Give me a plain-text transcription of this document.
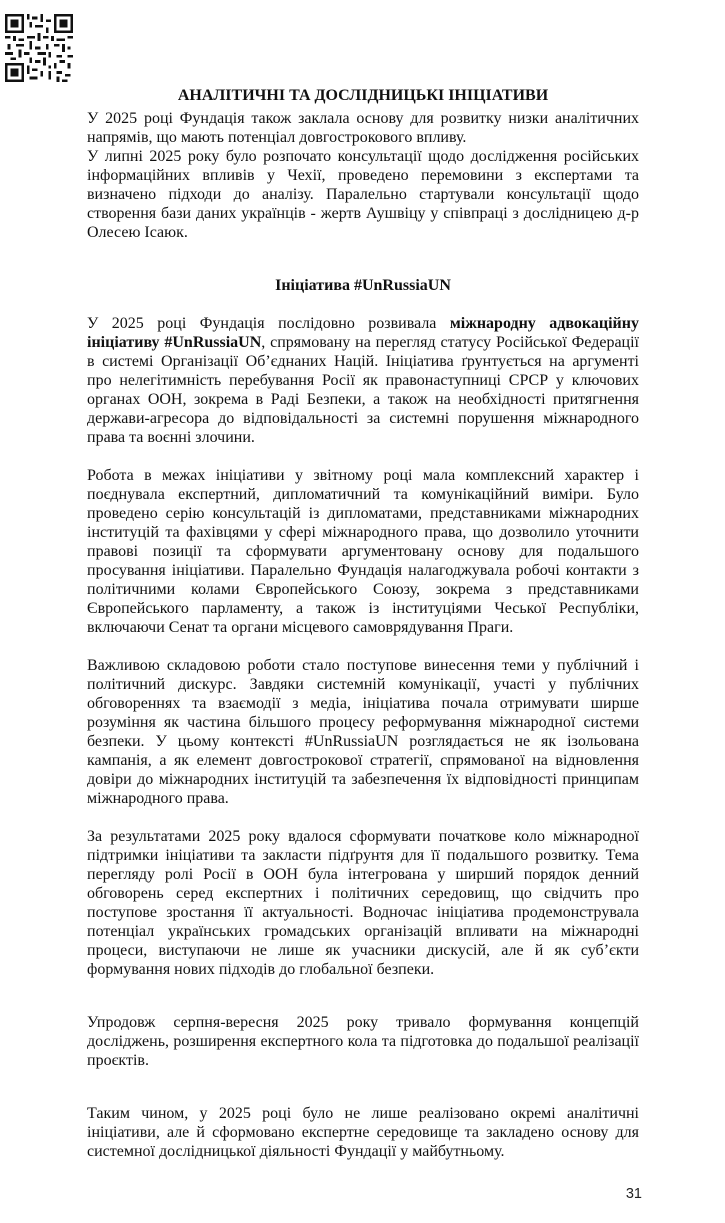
АНАЛІТИЧНІ ТА ДОСЛІДНИЦЬКІ ІНІЦІАТИВИ

У 2025 році Фундація також заклала основу для розвитку низки аналітичних напрямів, що мають потенціал довгострокового впливу.

У липні 2025 року було розпочато консультації щодо дослідження російських інформаційних впливів у Чехії, проведено перемовини з експертами та визначено підходи до аналізу. Паралельно стартували консультації щодо створення бази даних українців - жертв Аушвіцу у співпраці з дослідницею д-р Олесею Ісаюк.

Ініціатива #UnRussiaUN

У 2025 році Фундація послідовно розвивала міжнародну адвокаційну ініціативу #UnRussiaUN, спрямовану на перегляд статусу Російської Федерації в системі Організації Об’єднаних Націй. Ініціатива ґрунтується на аргументі про нелегітимність перебування Росії як правонаступниці СРСР у ключових органах ООН, зокрема в Раді Безпеки, а також на необхідності притягнення держави-агресора до відповідальності за системні порушення міжнародного права та воєнні злочини.

Робота в межах ініціативи у звітному році мала комплексний характер і поєднувала експертний, дипломатичний та комунікаційний виміри. Було проведено серію консультацій із дипломатами, представниками міжнародних інституцій та фахівцями у сфері міжнародного права, що дозволило уточнити правові позиції та сформувати аргументовану основу для подальшого просування ініціативи. Паралельно Фундація налагоджувала робочі контакти з політичними колами Європейського Союзу, зокрема з представниками Європейського парламенту, а також із інституціями Чеської Республіки, включаючи Сенат та органи місцевого самоврядування Праги.

Важливою складовою роботи стало поступове винесення теми у публічний і політичний дискурс. Завдяки системній комунікації, участі у публічних обговореннях та взаємодії з медіа, ініціатива почала отримувати ширше розуміння як частина більшого процесу реформування міжнародної системи безпеки. У цьому контексті #UnRussiaUN розглядається не як ізольована кампанія, а як елемент довгострокової стратегії, спрямованої на відновлення довіри до міжнародних інституцій та забезпечення їх відповідності принципам міжнародного права.

За результатами 2025 року вдалося сформувати початкове коло міжнародної підтримки ініціативи та закласти підґрунтя для її подальшого розвитку. Тема перегляду ролі Росії в ООН була інтегрована у ширший порядок денний обговорень серед експертних і політичних середовищ, що свідчить про поступове зростання її актуальності. Водночас ініціатива продемонструвала потенціал українських громадських організацій впливати на міжнародні процеси, виступаючи не лише як учасники дискусій, але й як суб’єкти формування нових підходів до глобальної безпеки.

Упродовж серпня-вересня 2025 року тривало формування концепцій досліджень, розширення експертного кола та підготовка до подальшої реалізації проєктів.

Таким чином, у 2025 році було не лише реалізовано окремі аналітичні ініціативи, але й сформовано експертне середовище та закладено основу для системної дослідницької діяльності Фундації у майбутньому.

31
